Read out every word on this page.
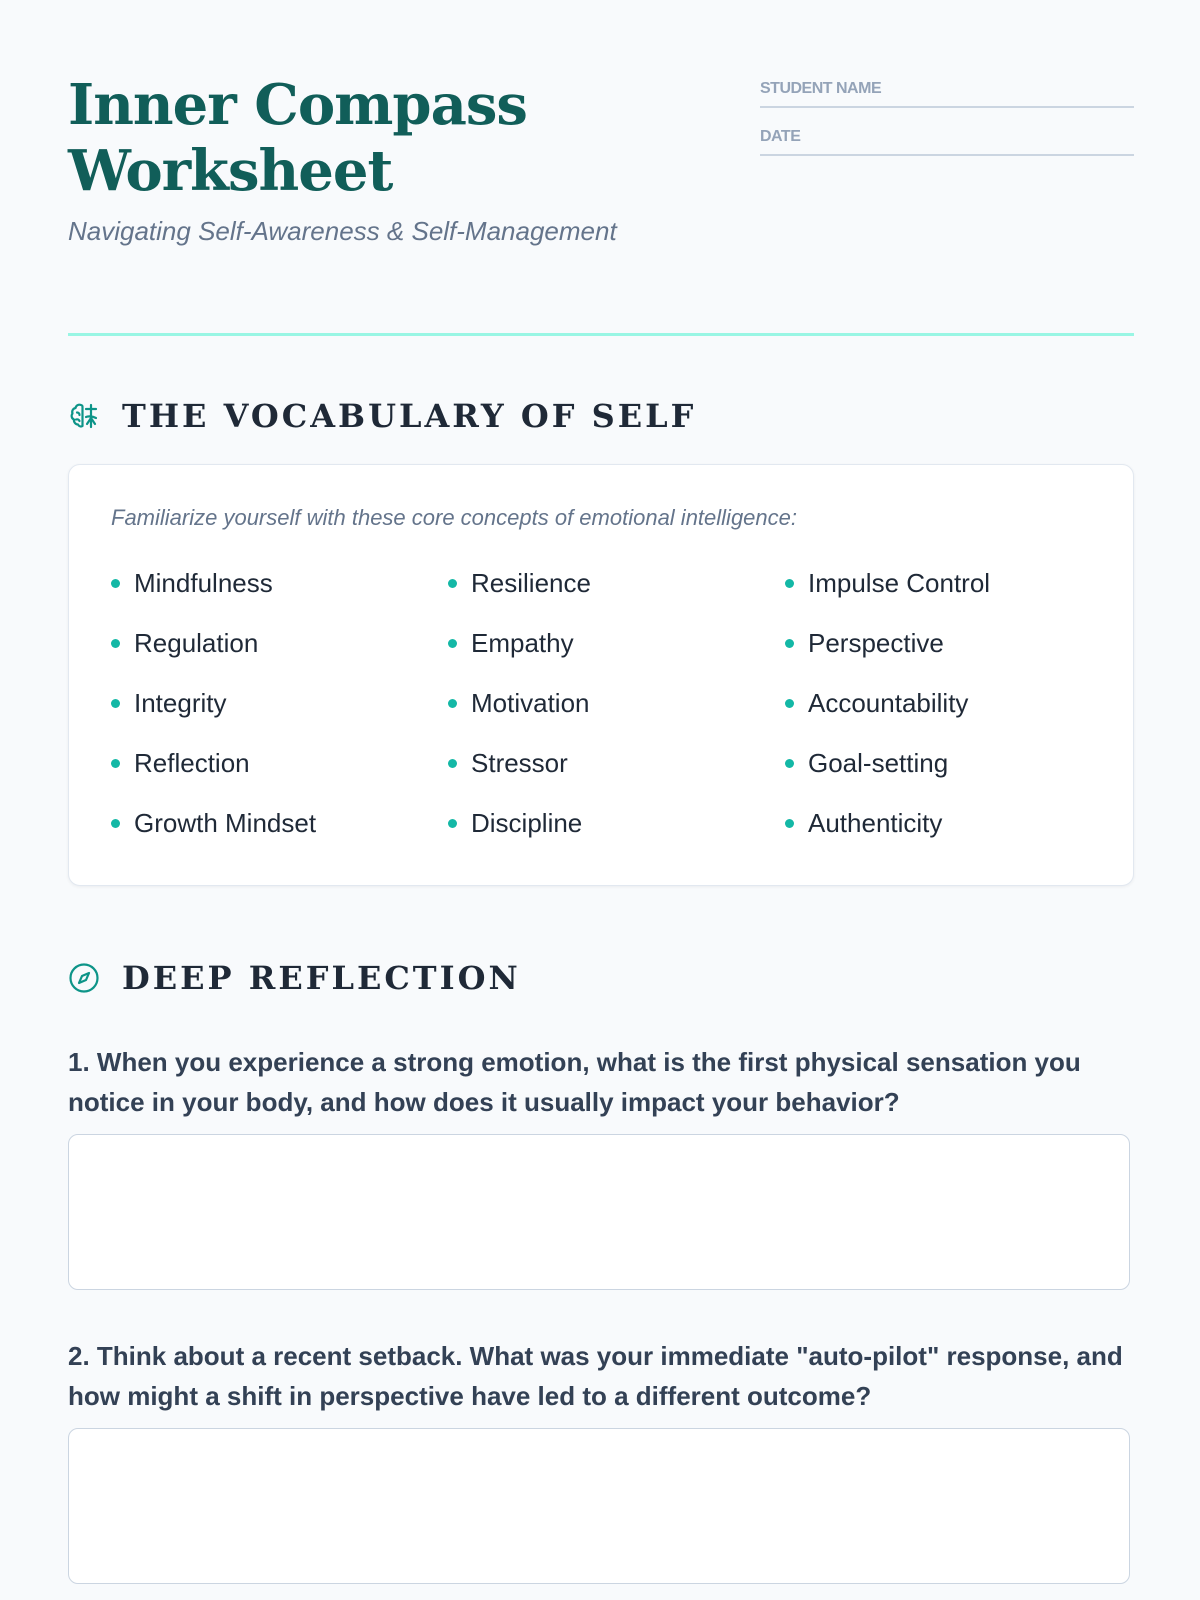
Inner Compass Worksheet
Navigating Self-Awareness & Self-Management
STUDENT NAME
DATE
THE VOCABULARY OF SELF
Familiarize yourself with these core concepts of emotional intelligence:
Mindfulness	Resilience	Impulse Control
Regulation	Empathy	Perspective
Integrity	Motivation	Accountability
Reflection	Stressor	Goal-setting
Growth Mindset	Discipline	Authenticity
DEEP REFLECTION

1. When you experience a strong emotion, what is the first physical sensation you notice in your body, and how does it usually impact your behavior?

2. Think about a recent setback. What was your immediate "auto-pilot" response, and how might a shift in perspective have led to a different outcome?
